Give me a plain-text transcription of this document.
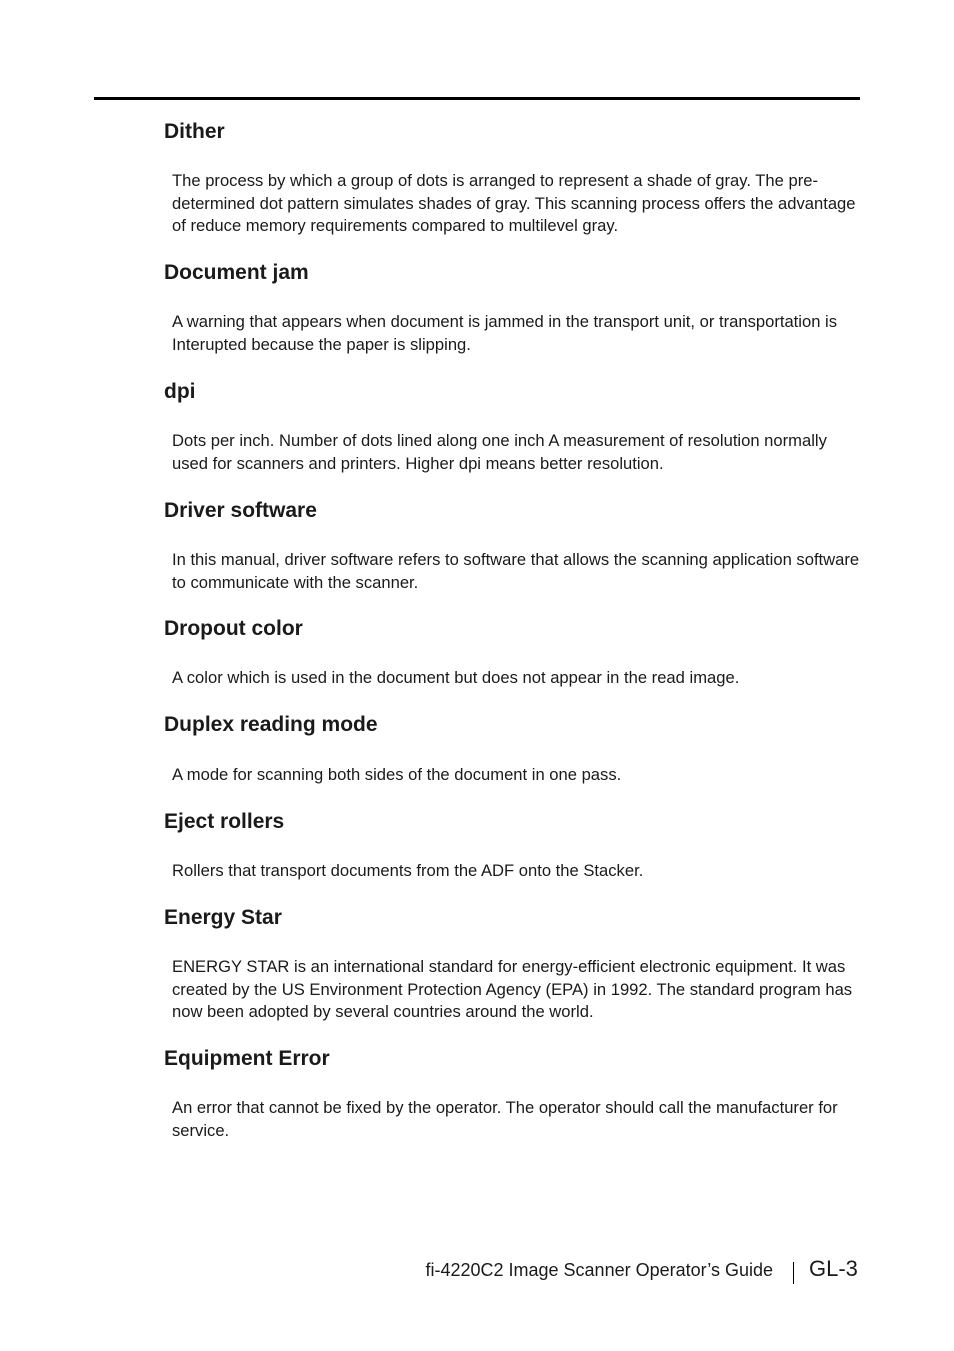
Dither

The process by which a group of dots is arranged to represent a shade of gray. The pre-determined dot pattern simulates shades of gray. This scanning process offers the advantage of reduce memory requirements compared to multilevel gray.

Document jam

A warning that appears when document is jammed in the transport unit, or transportation is Interupted because the paper is slipping.

dpi

Dots per inch. Number of dots lined along one inch A measurement of resolution normally used for scanners and printers. Higher dpi means better resolution.

Driver software

In this manual, driver software refers to software that allows the scanning application software to communicate with the scanner.

Dropout color

A color which is used in the document but does not appear in the read image.

Duplex reading mode

A mode for scanning both sides of the document in one pass.

Eject rollers

Rollers that transport documents from the ADF onto the Stacker.

Energy Star

ENERGY STAR is an international standard for energy-efficient electronic equipment. It was created by the US Environment Protection Agency (EPA) in 1992. The standard program has now been adopted by several countries around the world.

Equipment Error

An error that cannot be fixed by the operator. The operator should call the manufacturer for service.

fi-4220C2 Image Scanner Operator’s Guide GL-3
